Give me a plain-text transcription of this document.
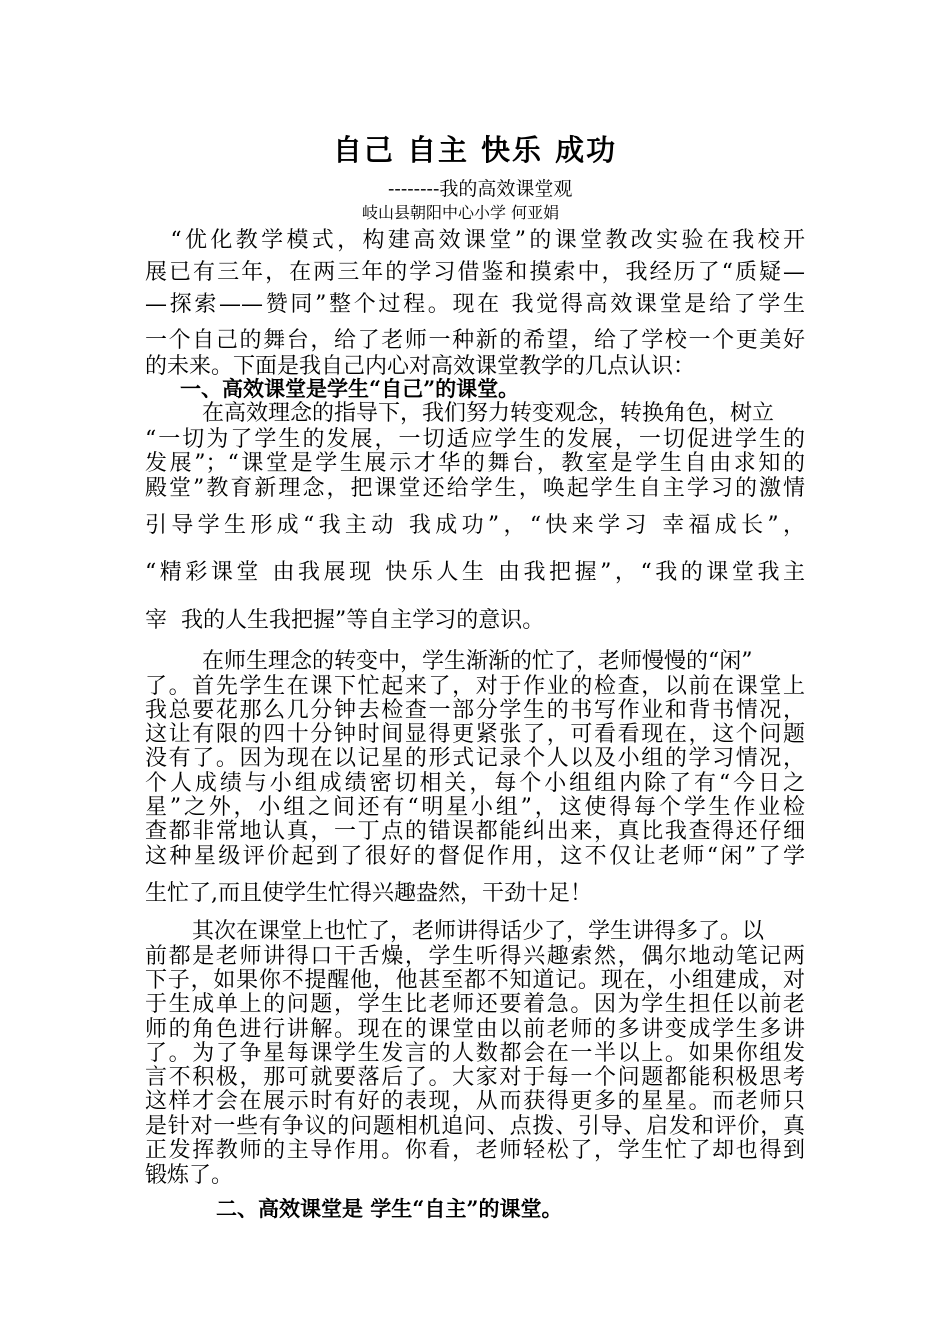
自己 自主 快乐 成功
--------我的高效课堂观
岐山县朝阳中心小学 何亚娟

　“优化教学模式，构建高效课堂”的课堂教改实验在我校开

展已有三年，在两三年的学习借鉴和摸索中，我经历了“质疑—

—探索——赞同”整个过程。现在 我觉得高效课堂是给了学生

一个自己的舞台，给了老师一种新的希望，给了学校一个更美好

的未来。下面是我自己内心对高效课堂教学的几点认识：

一、高效课堂是学生“自己”的课堂。

在高效理念的指导下，我们努力转变观念，转换角色，树立

“一切为了学生的发展，一切适应学生的发展，一切促进学生的

发展”；“课堂是学生展示才华的舞台，教室是学生自由求知的

殿堂”教育新理念，把课堂还给学生，唤起学生自主学习的激情

引导学生形成“我主动 我成功”，“快来学习 幸福成长”，

“精彩课堂 由我展现 快乐人生 由我把握”，“我的课堂我主

宰  我的人生我把握”等自主学习的意识。

在师生理念的转变中，学生渐渐的忙了，老师慢慢的“闲”

了。首先学生在课下忙起来了，对于作业的检查，以前在课堂上

我总要花那么几分钟去检查一部分学生的书写作业和背书情况，

这让有限的四十分钟时间显得更紧张了，可看看现在，这个问题

没有了。因为现在以记星的形式记录个人以及小组的学习情况，

个人成绩与小组成绩密切相关，每个小组组内除了有“今日之

星”之外，小组之间还有“明星小组”，这使得每个学生作业检

查都非常地认真，一丁点的错误都能纠出来，真比我查得还仔细

这种星级评价起到了很好的督促作用，这不仅让老师“闲”了学

生忙了,而且使学生忙得兴趣盎然，干劲十足！

其次在课堂上也忙了，老师讲得话少了，学生讲得多了。以

前都是老师讲得口干舌燥，学生听得兴趣索然，偶尔地动笔记两

下子，如果你不提醒他，他甚至都不知道记。现在，小组建成，对

于生成单上的问题，学生比老师还要着急。因为学生担任以前老

师的角色进行讲解。现在的课堂由以前老师的多讲变成学生多讲

了。为了争星每课学生发言的人数都会在一半以上。如果你组发

言不积极，那可就要落后了。大家对于每一个问题都能积极思考

这样才会在展示时有好的表现，从而获得更多的星星。而老师只

是针对一些有争议的问题相机追问、点拨、引导、启发和评价，真

正发挥教师的主导作用。你看，老师轻松了，学生忙了却也得到

锻炼了。

二、高效课堂是 学生“自主”的课堂。
